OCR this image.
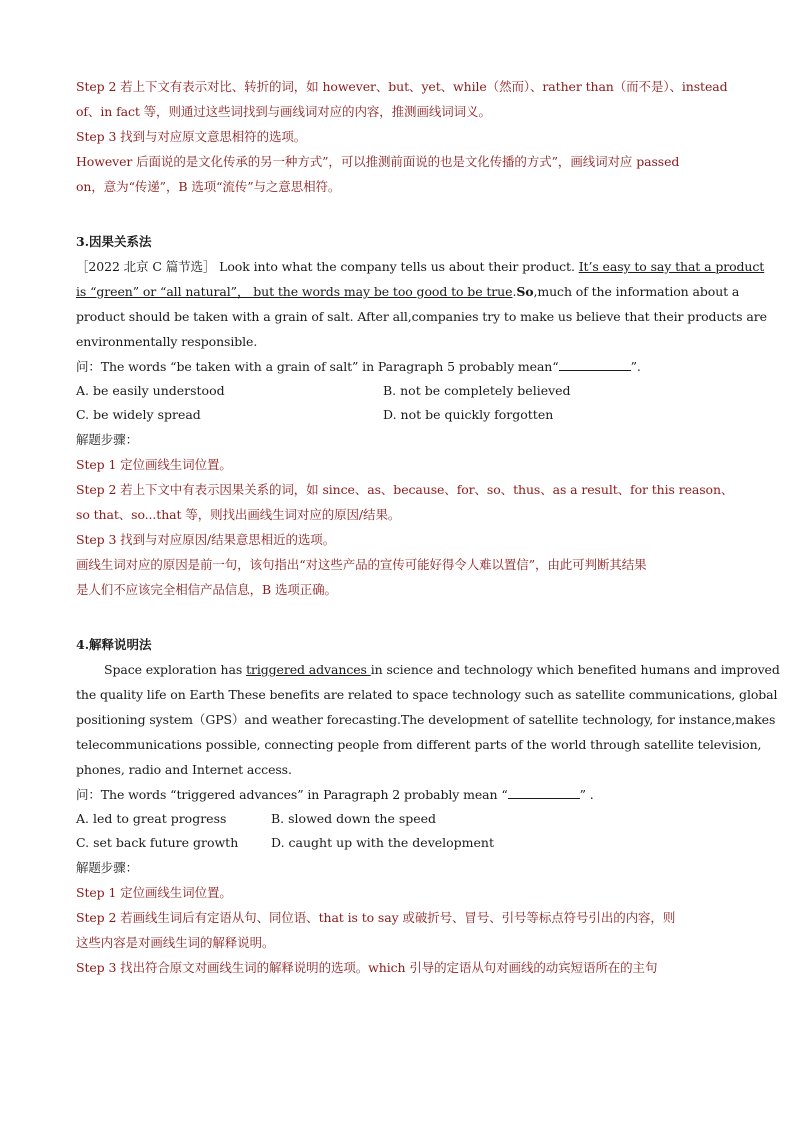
Step 2 若上下文有表示对比、转折的词，如 however、but、yet、while（然而）、rather than（而不是）、instead
of、in fact 等，则通过这些词找到与画线词对应的内容，推测画线词词义。
Step 3 找到与对应原文意思相符的选项。
However 后面说的是文化传承的另一种方式”，可以推测前面说的也是文化传播的方式”，画线词对应 passed
on，意为“传递”，B 选项“流传”与之意思相符。
3.因果关系法
［2022 北京 C 篇节选］ Look into what the company tells us about their product. It’s easy to say that a product
is “green” or “all natural”， but the words may be too good to be true.So,much of the information about a
product should be taken with a grain of salt. After all,companies try to make us believe that their products are
environmentally responsible.
问：The words “be taken with a grain of salt” in Paragraph 5 probably mean“	”.
A. be easily understood	B. not be completely believed
C. be widely spread	D. not be quickly forgotten
解题步骤：
Step 1 定位画线生词位置。
Step 2 若上下文中有表示因果关系的词，如 since、as、because、for、so、thus、as a result、for this reason、
so that、so...that 等，则找出画线生词对应的原因/结果。
Step 3 找到与对应原因/结果意思相近的选项。
画线生词对应的原因是前一句，该句指出“对这些产品的宣传可能好得令人难以置信”，由此可判断其结果
是人们不应该完全相信产品信息，B 选项正确。
4.解释说明法
Space exploration has triggered advances in science and technology which benefited humans and improved
the quality life on Earth These benefits are related to space technology such as satellite communications, global
positioning system（GPS）and weather forecasting.The development of satellite technology, for instance,makes
telecommunications possible, connecting people from different parts of the world through satellite television,
phones, radio and Internet access.
问：The words “triggered advances” in Paragraph 2 probably mean “	” .
A. led to great progress	B. slowed down the speed
C. set back future growth	D. caught up with the development
解题步骤：
Step 1 定位画线生词位置。
Step 2 若画线生词后有定语从句、同位语、that is to say 或破折号、冒号、引号等标点符号引出的内容，则
这些内容是对画线生词的解释说明。
Step 3 找出符合原文对画线生词的解释说明的选项。which 引导的定语从句对画线的动宾短语所在的主句
